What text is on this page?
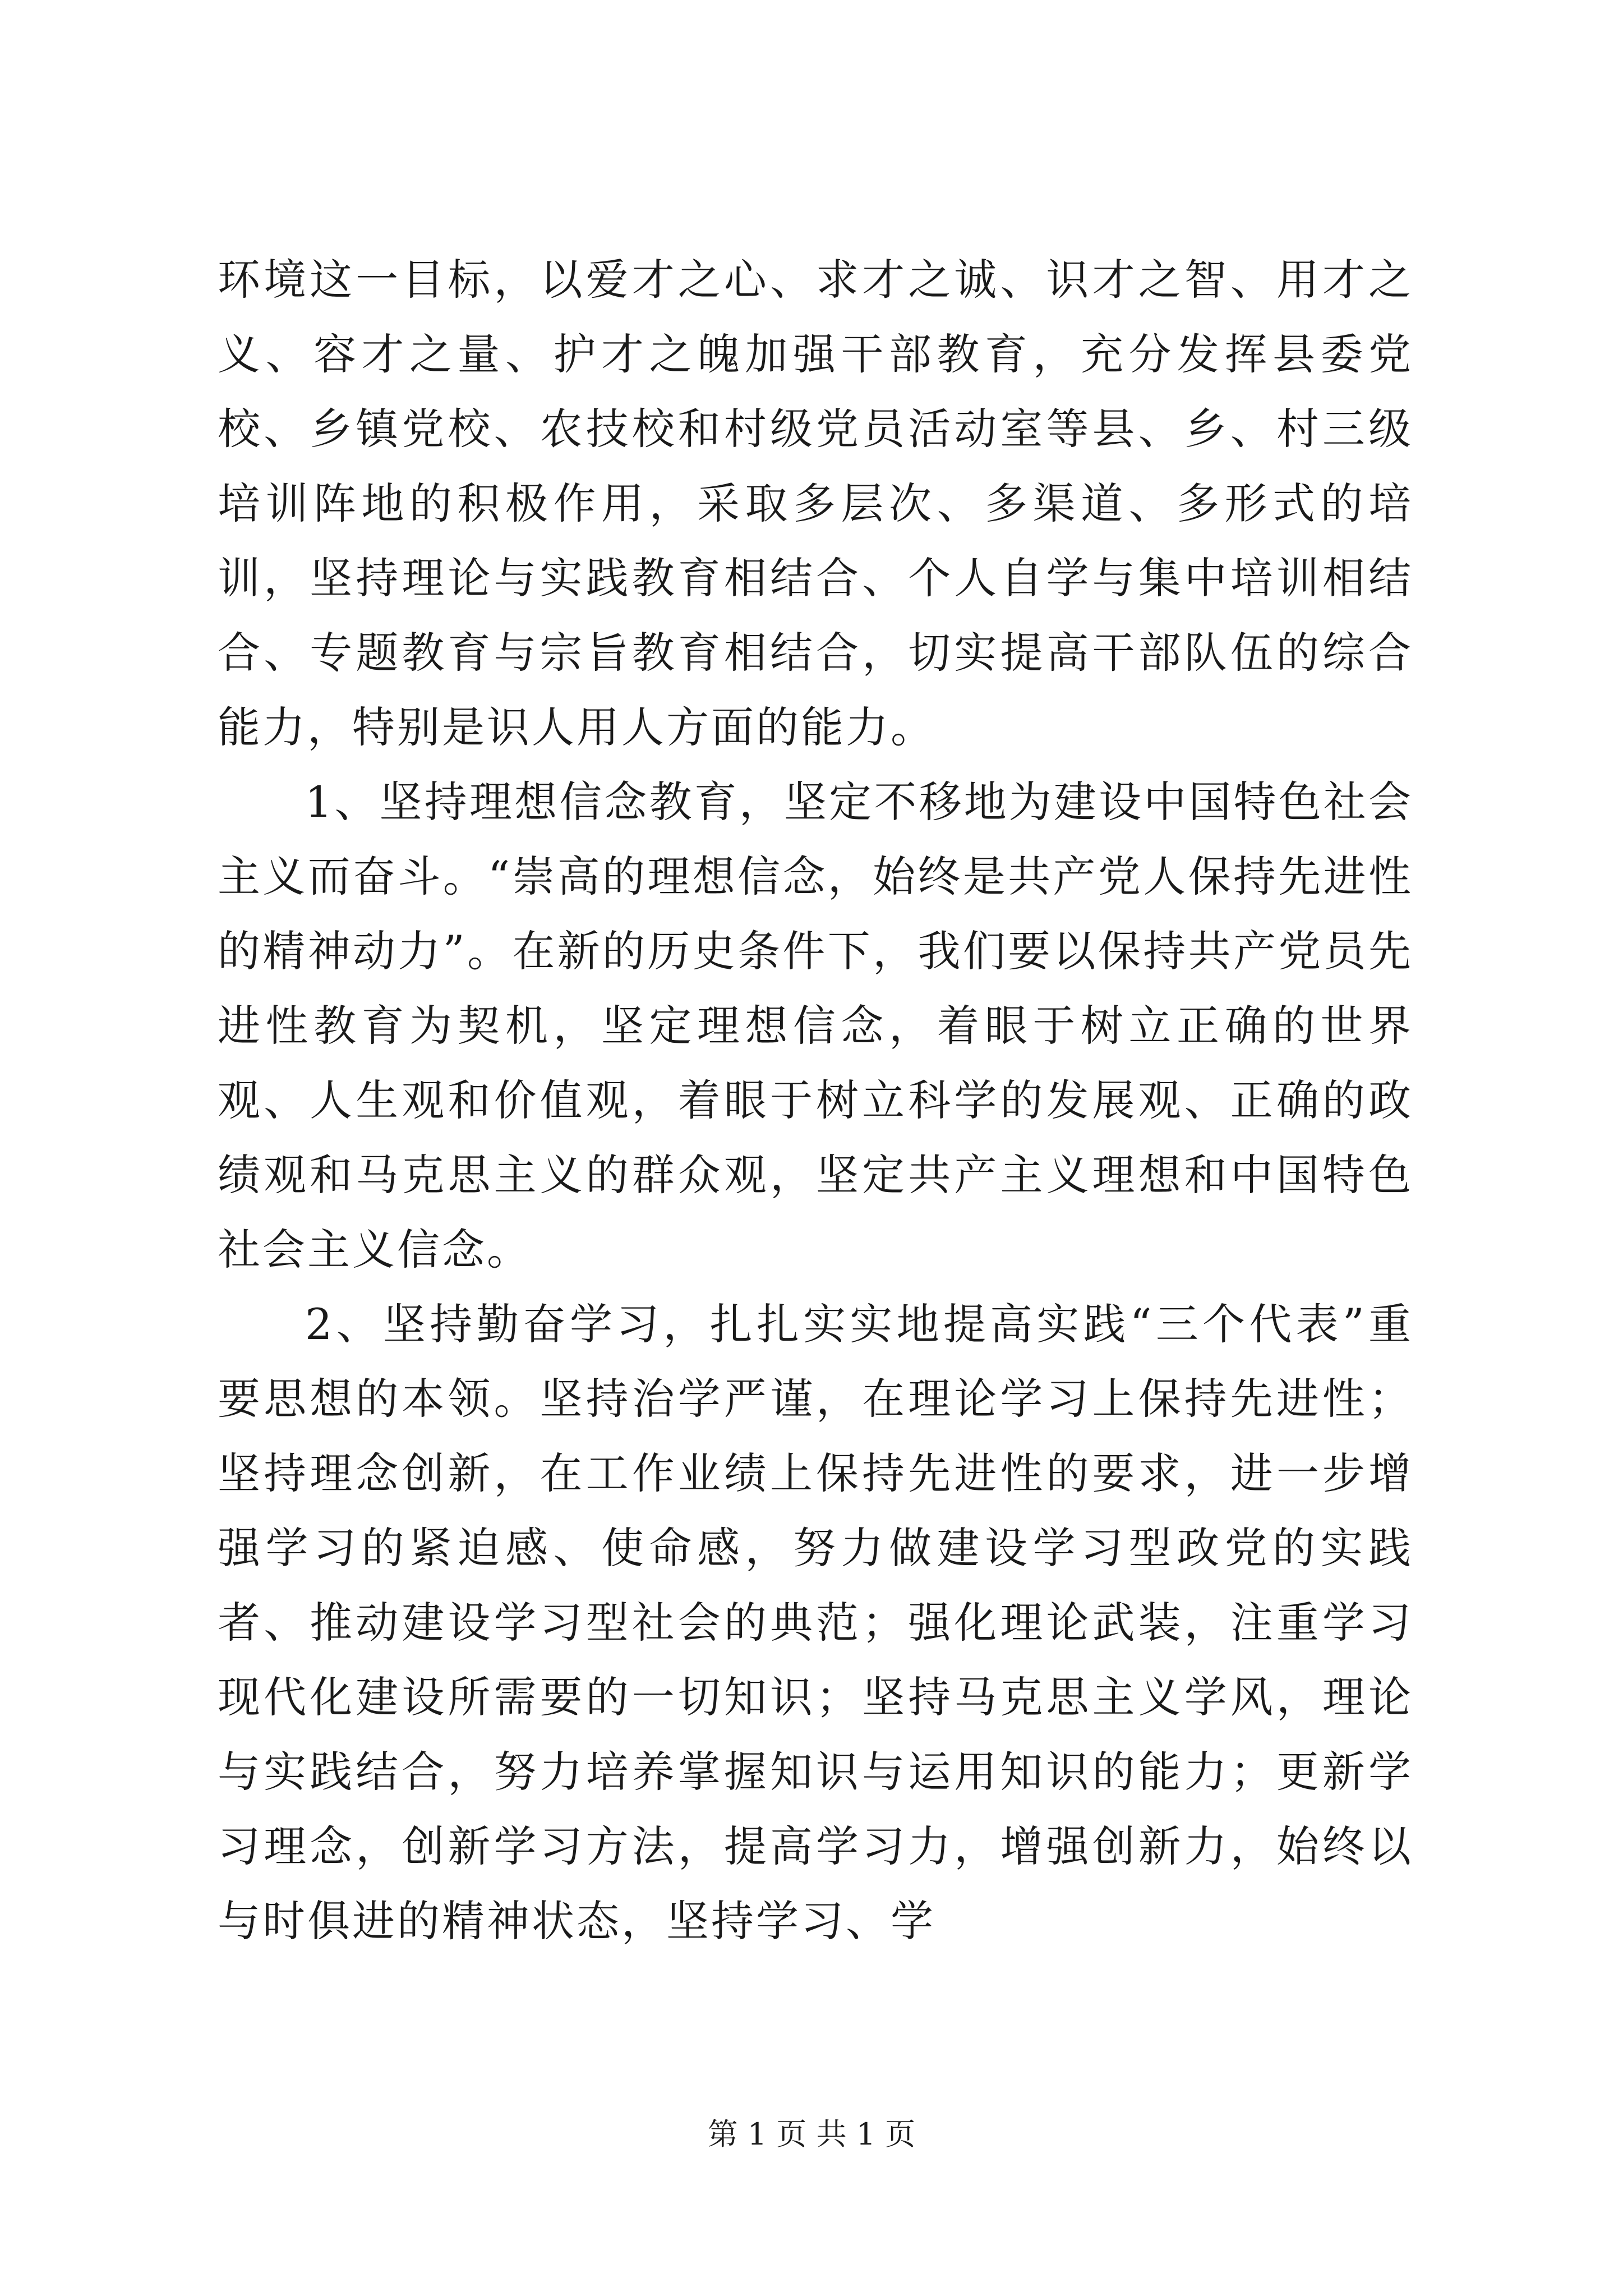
环境这一目标，以爱才之心、求才之诚、识才之智、用才之义、容才之量、护才之魄加强干部教育，充分发挥县委党校、乡镇党校、农技校和村级党员活动室等县、乡、村三级培训阵地的积极作用，采取多层次、多渠道、多形式的培训，坚持理论与实践教育相结合、个人自学与集中培训相结合、专题教育与宗旨教育相结合，切实提高干部队伍的综合能力，特别是识人用人方面的能力。

1、坚持理想信念教育，坚定不移地为建设中国特色社会主义而奋斗。“崇高的理想信念，始终是共产党人保持先进性的精神动力”。在新的历史条件下，我们要以保持共产党员先进性教育为契机，坚定理想信念，着眼于树立正确的世界观、人生观和价值观，着眼于树立科学的发展观、正确的政绩观和马克思主义的群众观，坚定共产主义理想和中国特色社会主义信念。

2、坚持勤奋学习，扎扎实实地提高实践“三个代表”重要思想的本领。坚持治学严谨，在理论学习上保持先进性；坚持理念创新，在工作业绩上保持先进性的要求，进一步增强学习的紧迫感、使命感，努力做建设学习型政党的实践者、推动建设学习型社会的典范；强化理论武装，注重学习现代化建设所需要的一切知识；坚持马克思主义学风，理论与实践结合，努力培养掌握知识与运用知识的能力；更新学习理念，创新学习方法，提高学习力，增强创新力，始终以与时俱进的精神状态，坚持学习、学

第 1 页 共 1 页
